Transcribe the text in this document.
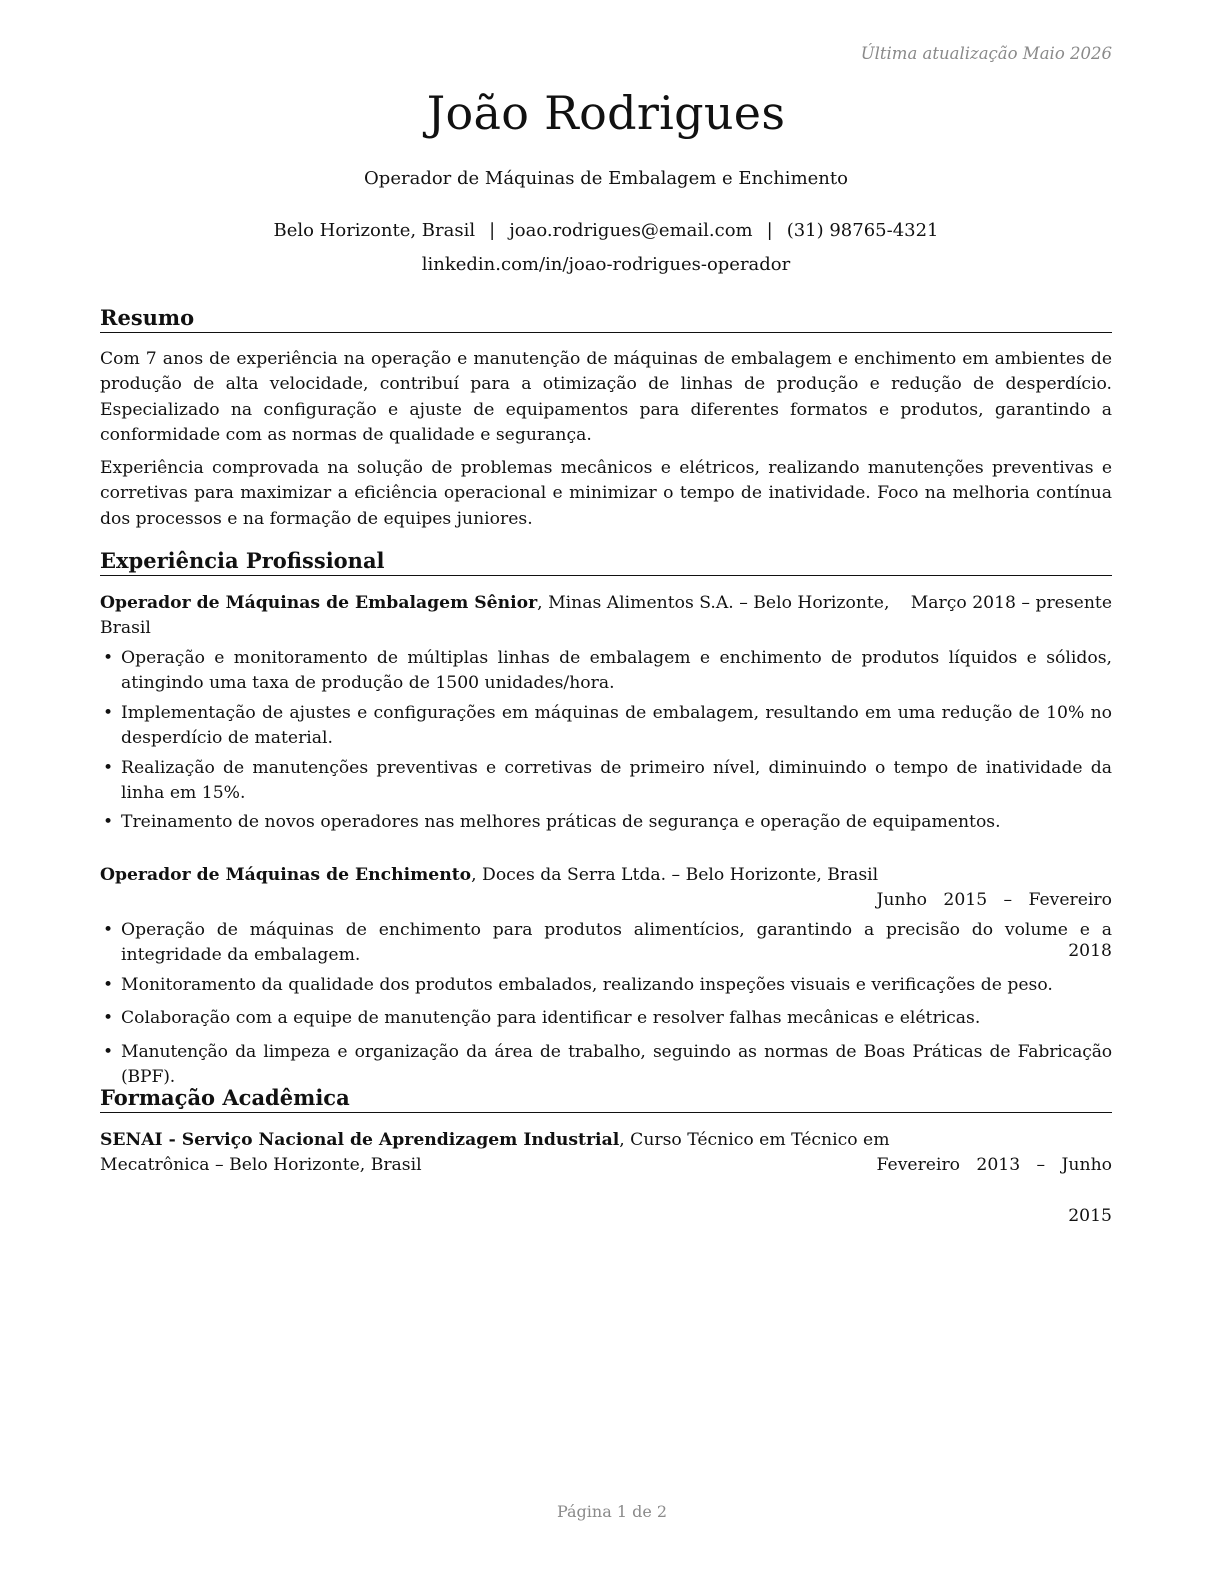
Última atualização Maio 2026
João Rodrigues
Operador de Máquinas de Embalagem e Enchimento
Belo Horizonte, Brasil | joao.rodrigues@email.com | (31) 98765-4321
linkedin.com/in/joao-rodrigues-operador
Resumo

Com 7 anos de experiência na operação e manutenção de máquinas de embalagem e enchimento em ambientes de produção de alta velocidade, contribuí para a otimização de linhas de produção e redução de desperdício. Especializado na configuração e ajuste de equipamentos para diferentes formatos e produtos, garantindo a conformidade com as normas de qualidade e segurança.

Experiência comprovada na solução de problemas mecânicos e elétricos, realizando manutenções preventivas e corretivas para maximizar a eficiência operacional e minimizar o tempo de inatividade. Foco na melhoria contínua dos processos e na formação de equipes juniores.

Experiência Profissional
Operador de Máquinas de Embalagem Sênior, Minas Alimentos S.A. – Belo Horizonte,
Brasil
Março 2018 – presente
• Operação e monitoramento de múltiplas linhas de embalagem e enchimento de produtos líquidos e sólidos, atingindo uma taxa de produção de 1500 unidades/hora.
• Implementação de ajustes e configurações em máquinas de embalagem, resultando em uma redução de 10% no desperdício de material.
• Realização de manutenções preventivas e corretivas de primeiro nível, diminuindo o tempo de inatividade da linha em 15%.
• Treinamento de novos operadores nas melhores práticas de segurança e operação de equipamentos.
Operador de Máquinas de Enchimento, Doces da Serra Ltda. – Belo Horizonte, Brasil

Junho   2015   –   Fevereiro

2018

• Operação de máquinas de enchimento para produtos alimentícios, garantindo a precisão do volume e a integridade da embalagem.
• Monitoramento da qualidade dos produtos embalados, realizando inspeções visuais e verificações de peso.
• Colaboração com a equipe de manutenção para identificar e resolver falhas mecânicas e elétricas.
• Manutenção da limpeza e organização da área de trabalho, seguindo as normas de Boas Práticas de Fabricação (BPF).
Formação Acadêmica
SENAI - Serviço Nacional de Aprendizagem Industrial, Curso Técnico em Técnico em
Mecatrônica – Belo Horizonte, Brasil	Fevereiro   2013   –   Junho

2015

Página 1 de 2
